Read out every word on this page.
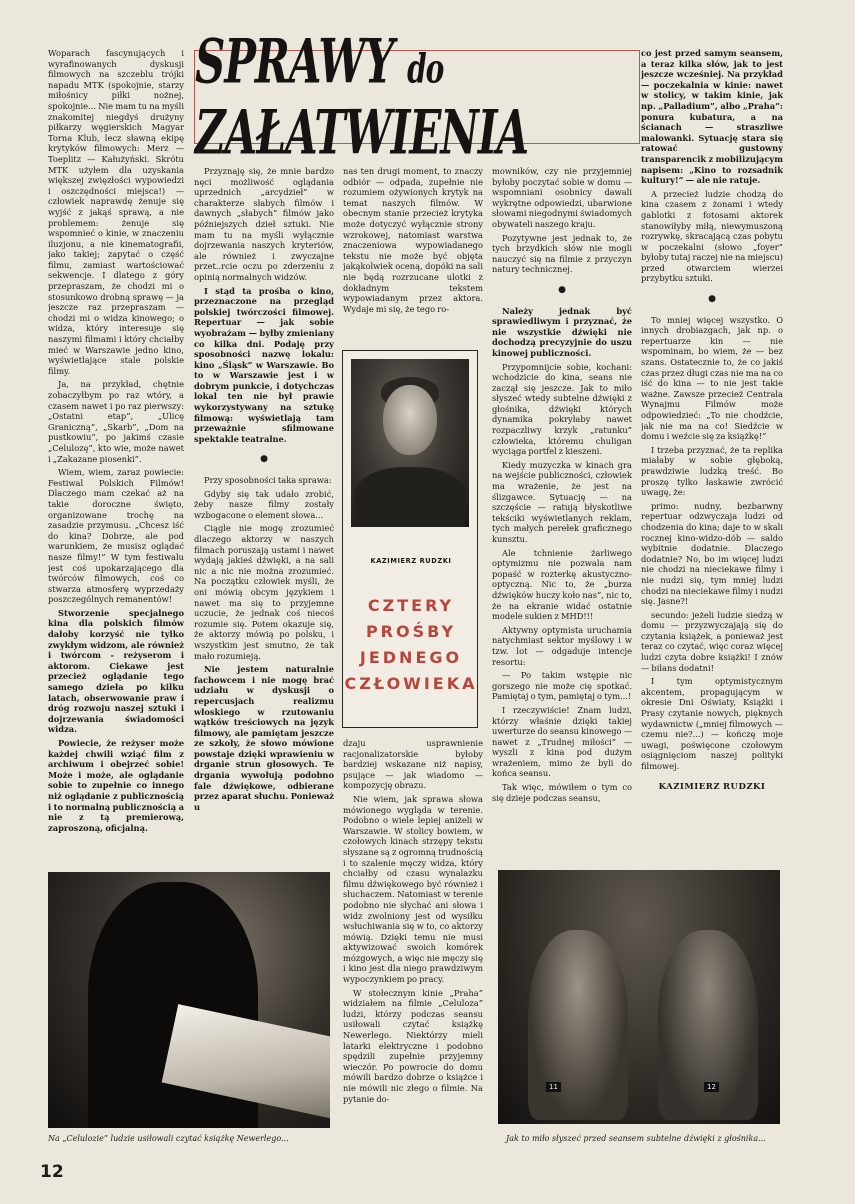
SPRAWY do ZAŁATWIENIA

Woparach fascynujących i wyrafinowanych dyskusji filmowych na szczeblu trójki napadu MTK (spokojnie, starzy miłośnicy piłki nożnej, spokojnie... Nie mam tu na myśli znakomitej niegdyś drużyny piłkarzy węgierskich Magyar Torna Klub, lecz sławną ekipę krytyków filmowych: Merz — Toeplitz — Kałużyński. Skrótu MTK użyłem dla uzyskania większej zwięzłości wypowiedzi i oszczędności miejsca!) — człowiek naprawdę żenuje się wyjść z jakąś sprawą, a nie problemem: żenuje się wspomnieć o kinie, w znaczeniu iluzjonu, a nie kinematografii, jako takiej; zapytać o część filmu, zamiast wartościować sekwencje. I dlatego z góry przepraszam, że chodzi mi o stosunkowo drobną sprawę — ja jeszcze raz przepraszam — chodzi mi o widza kinowego; o widza, który interesuje się naszymi filmami i który chciałby mieć w Warszawie jedno kino, wyświetlające stale polskie filmy.

Ja, na przykład, chętnie zobaczyłbym po raz wtóry, a czasem nawet i po raz pierwszy: „Ostatni etap”, „Ulicę Graniczną”, „Skarb”, „Dom na pustkowiu”, po jakimś czasie „Celulozę”, kto wie, może nawet i „Zakazane piosenki”.

Wiem, wiem, zaraz powiecie: Festiwal Polskich Filmów! Dlaczego mam czekać aż na takie doroczne święto, organizowane trochę na zasadzie przymusu. „Chcesz iść do kina? Dobrze, ale pod warunkiem, że musisz oglądać nasze filmy!” W tym festiwalu jest coś upokarzającego dla twórców filmowych, coś co stwarza atmosferę wyprzedaży poszczególnych remanentów!

Stworzenie specjalnego kina dla polskich filmów dałoby korzyść nie tylko zwykłym widzom, ale również i twórcom - reżyserom i aktorom. Ciekawe jest przecież oglądanie tego samego dzieła po kilku latach, obserwowanie praw i dróg rozwoju naszej sztuki i dojrzewania świadomości widza.

Powiecie, że reżyser może każdej chwili wziąć film z archiwum i obejrzeć sobie! Może i może, ale oglądanie sobie to zupełnie co innego niż oglądanie z publicznością i to normalną publicznością a nie z tą premierową, zaproszoną, oficjalną.

Przyznaję się, że mnie bardzo nęci możliwość oglądania uprzednich „arcydzieł” w charakterze słabych filmów i dawnych „słabych” filmów jako późniejszych dzieł sztuki. Nie mam tu na myśli wyłącznie dojrzewania naszych kryteriów, ale również i zwyczajne przet..rcie oczu po zderzeniu z opinią normalnych widzów.

I stąd ta prośba o kino, przeznaczone na przegląd polskiej twórczości filmowej. Repertuar — jak sobie wyobrażam — byłby zmieniany co kilka dni. Podaję przy sposobności nazwę lokalu: kino „Śląsk” w Warszawie. Bo to w Warszawie jest i w dobrym punkcie, i dotychczas lokal ten nie był prawie wykorzystywany na sztukę filmową: wyświetlają tam przeważnie sfilmowane spektakle teatralne.

●

Przy sposobności taka sprawa:

Gdyby się tak udało zrobić, żeby nasze filmy zostały wzbogacone o element słowa...

Ciągle nie mogę zrozumieć dlaczego aktorzy w naszych filmach poruszają ustami i nawet wydają jakieś dźwięki, a na sali nic a nic nie można zrozumieć. Na początku człowiek myśli, że oni mówią obcym językiem i nawet ma się to przyjemne uczucie, że jednak coś niecoś rozumie się. Potem okazuje się, że aktorzy mówią po polsku, i wszystkim jest smutno, że tak mało rozumieją.

Nie jestem naturalnie fachowcem i nie mogę brać udziału w dyskusji o repercusjach realizmu włoskiego w rzutowaniu wątków treściowych na język filmowy, ale pamiętam jeszcze ze szkoły, że słowo mówione powstaje dzięki wprawieniu w drganie strun głosowych. Te drgania wywołują podobno fale dźwiękowe, odbierane przez aparat słuchu. Ponieważ u

nas ten drugi moment, to znaczy odbiór — odpada, zupełnie nie rozumiem ożywionych krytyk na temat naszych filmów. W obecnym stanie przecież krytyka może dotyczyć wyłącznie strony wzrokowej, natomiast warstwa znaczeniowa wypowiadanego tekstu nie może być objęta jakąkolwiek oceną, dopóki na sali nie będą rozrzucane ulotki z dokładnym tekstem wypowiadanym przez aktora. Wydaje mi się, że tego ro-

KAZIMIERZ RUDZKI
CZTERY
PROŚBY
JEDNEGO
CZŁOWIEKA

dzaju usprawnienie racjonalizatorskie byłoby bardziej wskazane niż napisy, psujące — jak wiadomo — kompozycję obrazu.

Nie wiem, jak sprawa słowa mówionego wygląda w terenie. Podobno o wiele lepiej aniżeli w Warszawie. W stolicy bowiem, w czołowych kinach strzępy tekstu słyszane są z ogromną trudnością i to szalenie męczy widza, który chciałby od czasu wynalazku filmu dźwiękowego być również i słuchaczem. Natomiast w terenie podobno nie słychać ani słowa i widz zwolniony jest od wysiłku wsłuchiwania się w to, co aktorzy mówią. Dzięki temu nie musi aktywizować swoich komórek mózgowych, a więc nie męczy się i kino jest dla niego prawdziwym wypoczynkiem po pracy.

W stołecznym kinie „Praha” widziałem na filmie „Celuloza” ludzi, którzy podczas seansu usiłowali czytać książkę Newerlego. Niektórzy mieli latarki elektryczne i podobno spędzili zupełnie przyjemny wieczór. Po powrocie do domu mówili bardzo dobrze o książce i nie mówili nic złego o filmie. Na pytanie do-

mowników, czy nie przyjemniej byłoby poczytać sobie w domu — wspomniani osobnicy dawali wykrętne odpowiedzi, ubarwione słowami niegodnymi świadomych obywateli naszego kraju.

Pozytywne jest jednak to, że tych brzydkich słów nie mogli nauczyć się na filmie z przyczyn natury technicznej.

●

Należy jednak być sprawiedliwym i przyznać, że nie wszystkie dźwięki nie dochodzą precyzyjnie do uszu kinowej publiczności.

Przypomnijcie sobie, kochani: wchodzicie do kina, seans nie zaczął się jeszcze. Jak to miło słyszeć wtedy subtelne dźwięki z głośnika, dźwięki których dynamika pokryłaby nawet rozpaczliwy krzyk „ratunku” człowieka, któremu chuligan wyciąga portfel z kieszeni.

Kiedy muzyczka w kinach gra na wejście publiczności, człowiek ma wrażenie, że jest na ślizgawce. Sytuację — na szczęście — ratują błyskotliwe tekściki wyświetlanych reklam, tych małych perełek graficznego kunsztu.

Ale tchnienie żarliwego optymizmu nie pozwala nam popaść w rozterkę akustyczno-optyczną. Nic to, że „burza dźwięków huczy koło nas”, nic to, że na ekranie widać ostatnie modele sukien z MHD!!!

Aktywny optymista uruchamia natychmiast sektor myślowy i w tzw. lot — odgaduje intencje resortu:

— Po takim wstępie nic gorszego nie może cię spotkać. Pamiętaj o tym, pamiętaj o tym...!

I rzeczywiście! Znam ludzi, którzy właśnie dzięki takiej uwerturze do seansu kinowego — nawet z „Trudnej miłości” — wyszli z kina pod dużym wrażeniem, mimo że byli do końca seansu.

Tak więc, mówiłem o tym co się dzieje podczas seansu,

co jest przed samym seansem, a teraz kilka słów, jak to jest jeszcze wcześniej. Na przykład — poczekalnia w kinie: nawet w stolicy, w takim kinie, jak np. „Palladium”, albo „Praha”: ponura kubatura, a na ścianach — straszliwe malowanki. Sytuację stara się ratować gustowny transparencik z mobilizującym napisem: „Kino to rozsadnik kultury!” — ale nie ratuje.

A przecież ludzie chodzą do kina czasem z żonami i wtedy gablotki z fotosami aktorek stanowiłyby miłą, niewymuszoną rozrywkę, skracającą czas pobytu w poczekalni (słowo „foyer” byłoby tutaj raczej nie na miejscu) przed otwarciem wierzei przybytku sztuki.

●

To mniej więcej wszystko. O innych drobiazgach, jak np. o repertuarze kin — nie wspominam, bo wiem, że — bez szans. Ostatecznie to, że co jakiś czas przez długi czas nie ma na co iść do kina — to nie jest takie ważne. Zawsze przecież Centrala Wynajmu Filmów może odpowiedzieć: „To nie chodźcie, jak nie ma na co! Siedźcie w domu i weźcie się za książkę!”

I trzeba przyznać, że ta replika miałaby w sobie głęboką, prawdziwie ludzką treść. Bo proszę tylko łaskawie zwrócić uwagę, że:

primo: nudny, bezbarwny repertuar odzwyczaja ludzi od chodzenia do kina; daje to w skali rocznej kino-widzo-dób — saldo wybitnie dodatnie. Dlaczego dodatnie? No, bo im więcej ludzi nie chodzi na nieciekawe filmy i nie nudzi się, tym mniej ludzi chodzi na nieciekawe filmy i nudzi się. Jasne?!

secundo: jeżeli ludzie siedzą w domu — przyzwyczajają się do czytania książek, a ponieważ jest teraz co czytać, więc coraz więcej ludzi czyta dobre książki! I znów — bilans dodatni!

I tym optymistycznym akcentem, propagującym w okresie Dni Oświaty, Książki i Prasy czytanie nowych, pięknych wydawnictw („mniej filmowych — czemu nie?...) — kończę moje uwagi, poświęcone czołowym osiągnięciom naszej polityki filmowej.

KAZIMIERZ RUDZKI
11	12
Na „Celulozie” ludzie usiłowali czytać książkę Newerlego...	Jak to miło słyszeć przed seansem subtelne dźwięki z głośnika...
12
